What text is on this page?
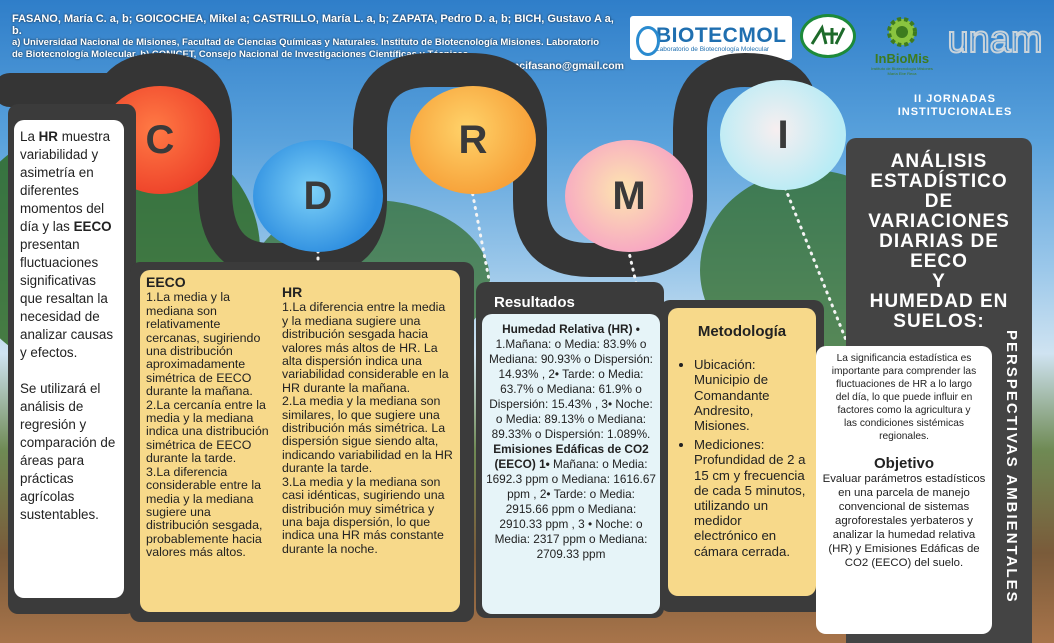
FASANO, María C. a, b; GOICOCHEA, Mikel a; CASTRILLO, María L. a, b; ZAPATA, Pedro D. a, b; BICH, Gustavo A a, b.
a) Universidad Nacional de Misiones, Facultad de Ciencias Químicas y Naturales. Instituto de Biotecnología Misiones. Laboratorio
de Biotecnología Molecular. b) CONICET, Consejo Nacional de Investigaciones Científicas y Técnicas.
mcifasano@gmail.com
BIOTECMOL
Laboratorio de Biotecnología Molecular
InBioMis
Instituto de Biotecnología Misiones María Ebe Reca
unam
II JORNADAS INSTITUCIONALES
C
D
R
M
I
La HR muestra variabilidad y asimetría en diferentes momentos del día y las EECO presentan fluctuaciones significativas que resaltan la necesidad de analizar causas y efectos.
Se utilizará el análisis de regresión y comparación de áreas para prácticas agrícolas sustentables.
EECO
1.La media y la mediana son relativamente cercanas, sugiriendo una distribución aproximadamente simétrica de EECO durante la mañana.
2.La cercanía entre la media y la mediana indica una distribución simétrica de EECO durante la tarde.
3.La diferencia considerable entre la media y la mediana sugiere una distribución sesgada, probablemente hacia valores más altos.
HR
1.La diferencia entre la media y la mediana sugiere una distribución sesgada hacia valores más altos de HR. La alta dispersión indica una variabilidad considerable en la HR durante la mañana.
2.La media y la mediana son similares, lo que sugiere una distribución más simétrica. La dispersión sigue siendo alta, indicando variabilidad en la HR durante la tarde.
3.La media y la mediana son casi idénticas, sugiriendo una distribución muy simétrica y una baja dispersión, lo que indica una HR más constante durante la noche.
Resultados
Humedad Relativa (HR) • 1.Mañana: o Media: 83.9% o Mediana: 90.93% o Dispersión: 14.93% , 2• Tarde: o Media: 63.7% o Mediana: 61.9% o Dispersión: 15.43% , 3• Noche: o Media: 89.13% o Mediana: 89.33% o Dispersión: 1.089%. Emisiones Edáficas de CO2 (EECO) 1• Mañana: o Media: 1692.3 ppm o Mediana: 1616.67 ppm , 2• Tarde: o Media: 2915.66 ppm o Mediana: 2910.33 ppm , 3 • Noche: o Media: 2317 ppm o Mediana: 2709.33 ppm
Metodología
• Ubicación: Municipio de Comandante Andresito, Misiones.
• Mediciones: Profundidad de 2 a 15 cm y frecuencia de cada 5 minutos, utilizando un medidor electrónico en cámara cerrada.
ANÁLISIS
ESTADÍSTICO
DE
VARIACIONES
DIARIAS DE
EECO
Y
HUMEDAD EN
SUELOS:
La significancia estadística es importante para comprender las fluctuaciones de HR a lo largo del día, lo que puede influir en factores como la agricultura y las condiciones sistémicas regionales.
Objetivo
Evaluar parámetros estadísticos en una parcela de manejo convencional de sistemas agroforestales yerbateros y analizar la humedad relativa (HR) y Emisiones Edáficas de CO2 (EECO) del suelo.	PERSPECTIVAS AMBIENTALES
